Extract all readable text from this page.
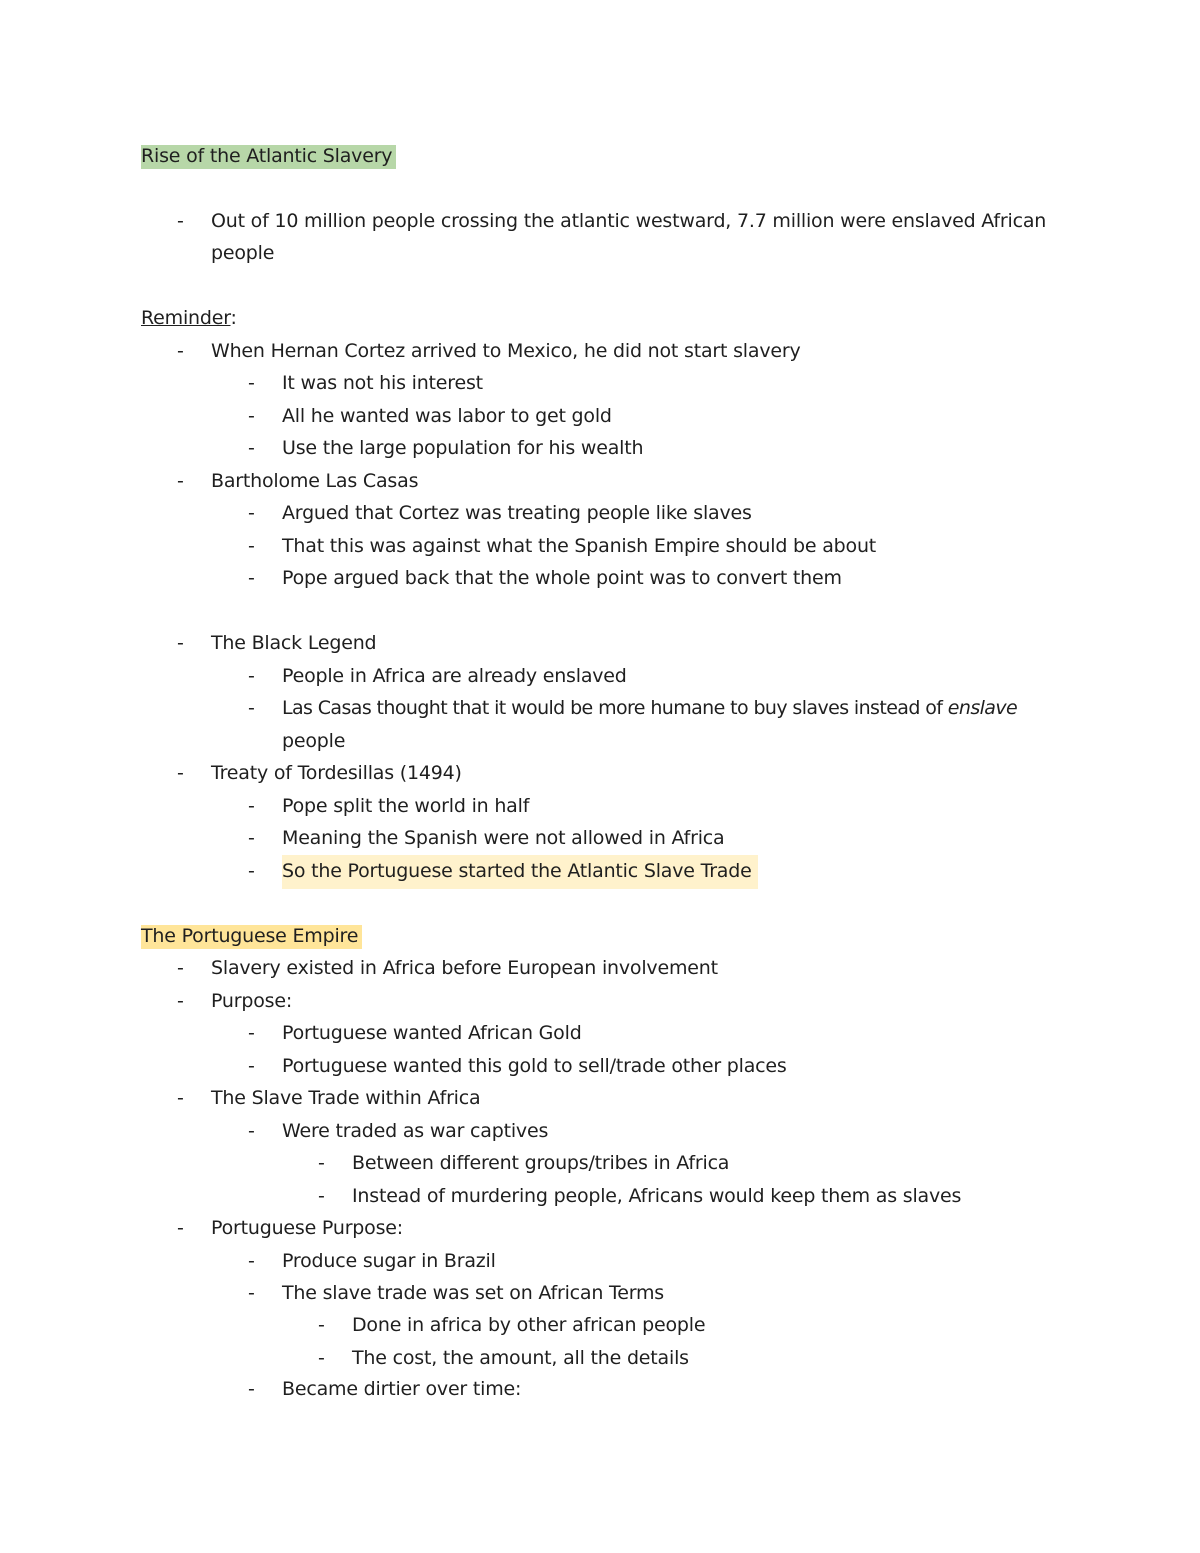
Rise of the Atlantic Slavery
- Out of 10 million people crossing the atlantic westward, 7.7 million were enslaved African
people
Reminder:
- When Hernan Cortez arrived to Mexico, he did not start slavery
- It was not his interest
- All he wanted was labor to get gold
- Use the large population for his wealth
- Bartholome Las Casas
- Argued that Cortez was treating people like slaves
- That this was against what the Spanish Empire should be about
- Pope argued back that the whole point was to convert them
- The Black Legend
- People in Africa are already enslaved
- Las Casas thought that it would be more humane to buy slaves instead of enslave
people
- Treaty of Tordesillas (1494)
- Pope split the world in half
- Meaning the Spanish were not allowed in Africa
- So the Portuguese started the Atlantic Slave Trade
The Portuguese Empire
- Slavery existed in Africa before European involvement
- Purpose:
- Portuguese wanted African Gold
- Portuguese wanted this gold to sell/trade other places
- The Slave Trade within Africa
- Were traded as war captives
- Between different groups/tribes in Africa
- Instead of murdering people, Africans would keep them as slaves
- Portuguese Purpose:
- Produce sugar in Brazil
- The slave trade was set on African Terms
- Done in africa by other african people
- The cost, the amount, all the details
- Became dirtier over time:
